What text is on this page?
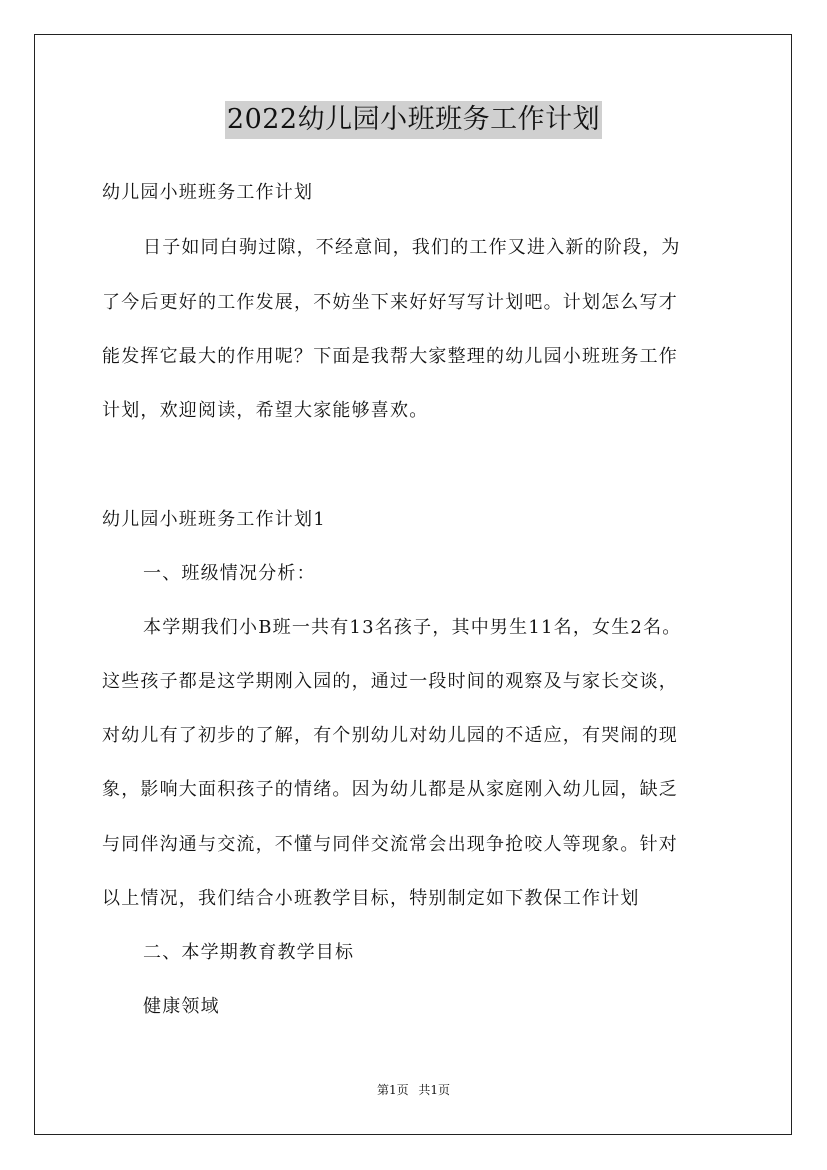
2022幼儿园小班班务工作计划
幼儿园小班班务工作计划
日子如同白驹过隙，不经意间，我们的工作又进入新的阶段，为
了今后更好的工作发展，不妨坐下来好好写写计划吧。计划怎么写才
能发挥它最大的作用呢？下面是我帮大家整理的幼儿园小班班务工作
计划，欢迎阅读，希望大家能够喜欢。
幼儿园小班班务工作计划1
一、班级情况分析：
本学期我们小B班一共有13名孩子，其中男生11名，女生2名。
这些孩子都是这学期刚入园的，通过一段时间的观察及与家长交谈，
对幼儿有了初步的了解，有个别幼儿对幼儿园的不适应，有哭闹的现
象，影响大面积孩子的情绪。因为幼儿都是从家庭刚入幼儿园，缺乏
与同伴沟通与交流，不懂与同伴交流常会出现争抢咬人等现象。针对
以上情况，我们结合小班教学目标，特别制定如下教保工作计划
二、本学期教育教学目标
健康领域
第1页 共1页
